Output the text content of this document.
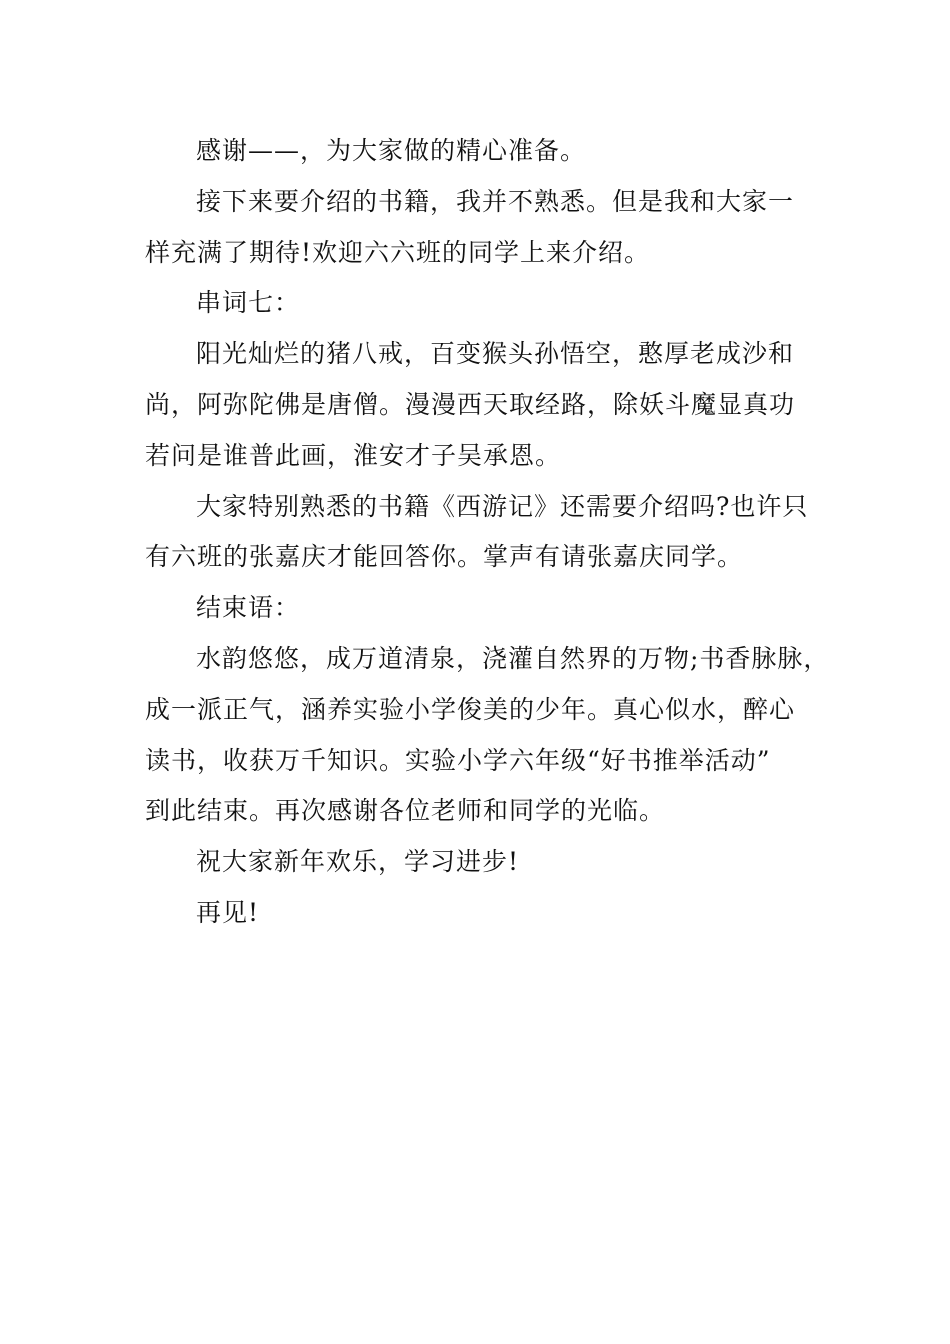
感谢——，为大家做的精心准备。
接下来要介绍的书籍，我并不熟悉。但是我和大家一
样充满了期待!欢迎六六班的同学上来介绍。
串词七：
阳光灿烂的猪八戒，百变猴头孙悟空，憨厚老成沙和
尚，阿弥陀佛是唐僧。漫漫西天取经路，除妖斗魔显真功
若问是谁普此画，淮安才子吴承恩。
大家特别熟悉的书籍《西游记》还需要介绍吗?也许只
有六班的张嘉庆才能回答你。掌声有请张嘉庆同学。
结束语：
水韵悠悠，成万道清泉，浇灌自然界的万物;书香脉脉，
成一派正气，涵养实验小学俊美的少年。真心似水，醉心
读书，收获万千知识。实验小学六年级“好书推举活动”
到此结束。再次感谢各位老师和同学的光临。
祝大家新年欢乐，学习进步!
再见!
